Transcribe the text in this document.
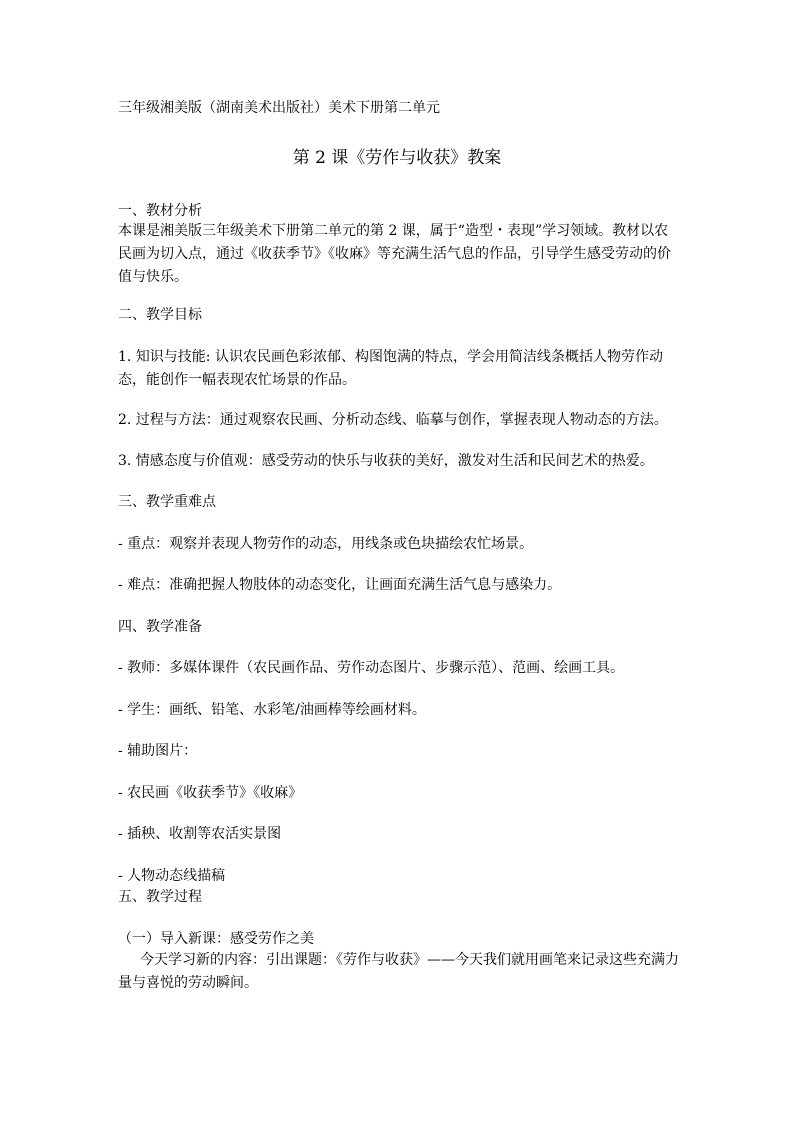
三年级湘美版（湖南美术出版社）美术下册第二单元
第 2 课《劳作与收获》教案
一、教材分析
本课是湘美版三年级美术下册第二单元的第 2 课，属于“造型・表现”学习领域。教材以农民画为切入点，通过《收获季节》《收麻》等充满生活气息的作品，引导学生感受劳动的价值与快乐。
二、教学目标
1. 知识与技能: 认识农民画色彩浓郁、构图饱满的特点，学会用简洁线条概括人物劳作动态，能创作一幅表现农忙场景的作品。
2. 过程与方法：通过观察农民画、分析动态线、临摹与创作，掌握表现人物动态的方法。
3. 情感态度与价值观：感受劳动的快乐与收获的美好，激发对生活和民间艺术的热爱。
三、教学重难点
- 重点：观察并表现人物劳作的动态，用线条或色块描绘农忙场景。
- 难点：准确把握人物肢体的动态变化，让画面充满生活气息与感染力。
四、教学准备
- 教师：多媒体课件（农民画作品、劳作动态图片、步骤示范）、范画、绘画工具。
- 学生：画纸、铅笔、水彩笔/油画棒等绘画材料。
- 辅助图片：
- 农民画《收获季节》《收麻》
- 插秧、收割等农活实景图
- 人物动态线描稿
五、教学过程
（一）导入新课：感受劳作之美
今天学习新的内容：引出课题：《劳作与收获》——今天我们就用画笔来记录这些充满力量与喜悦的劳动瞬间。
